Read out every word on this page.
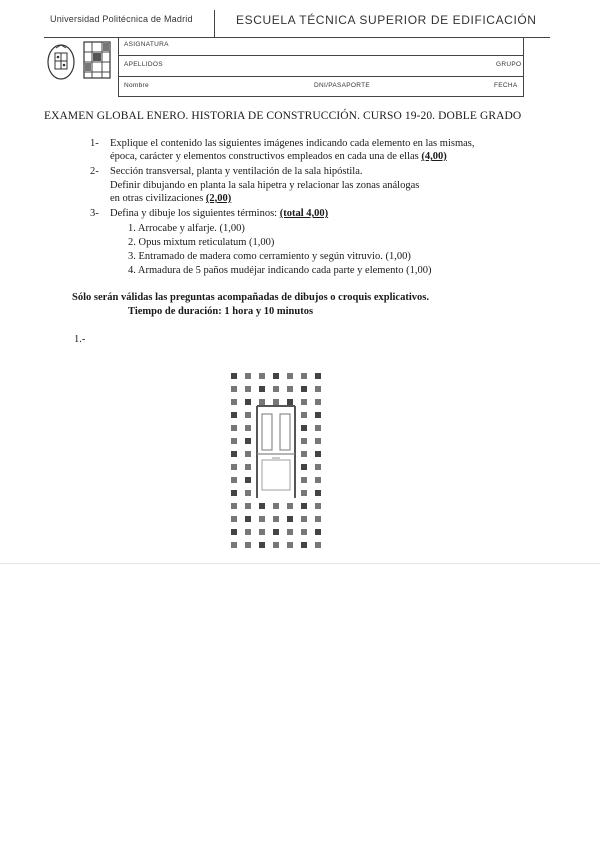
Universidad Politécnica de Madrid	ESCUELA TÉCNICA SUPERIOR DE EDIFICACIÓN
ASIGNATURA
APELLIDOS	GRUPO
Nombre	DNI/PASAPORTE	FECHA
EXAMEN GLOBAL ENERO. HISTORIA DE CONSTRUCCIÓN. CURSO 19-20. DOBLE GRADO
1- Explique el contenido las siguientes imágenes indicando cada elemento en las mismas,
época, carácter y elementos constructivos empleados en cada una de ellas (4,00)
2- Sección transversal, planta y ventilación de la sala hipóstila.
Definir dibujando en planta la sala hipetra y relacionar las zonas análogas
en otras civilizaciones (2,00)
3- Defina y dibuje los siguientes términos: (total 4,00)
1. Arrocabe y alfarje. (1,00)
2. Opus mixtum reticulatum (1,00)
3. Entramado de madera como cerramiento y según vitruvio. (1,00)
4. Armadura de 5 paños mudéjar indicando cada parte y elemento (1,00)
Sólo serán válidas las preguntas acompañadas de dibujos o croquis explicativos.
Tiempo de duración: 1 hora y 10 minutos
1.-
